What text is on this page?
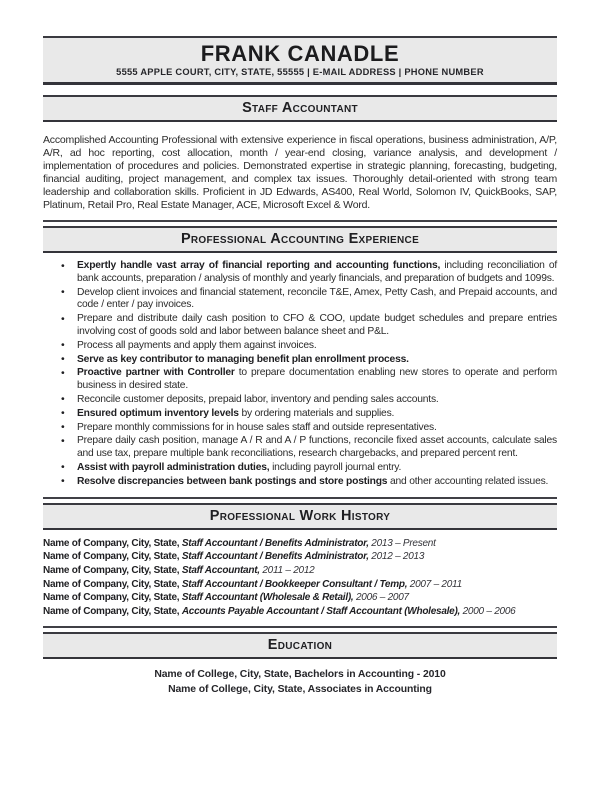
FRANK CANADLE
5555 APPLE COURT, CITY, STATE, 55555 | E-MAIL ADDRESS | PHONE NUMBER
Staff Accountant

Accomplished Accounting Professional with extensive experience in fiscal operations, business administration, A/P, A/R, ad hoc reporting, cost allocation, month / year-end closing, variance analysis, and development / implementation of procedures and policies. Demonstrated expertise in strategic planning, forecasting, budgeting, financial auditing, project management, and complex tax issues. Thoroughly detail-oriented with strong team leadership and collaboration skills. Proficient in JD Edwards, AS400, Real World, Solomon IV, QuickBooks, SAP, Platinum, Retail Pro, Real Estate Manager, ACE, Microsoft Excel & Word.

Professional Accounting Experience
• Expertly handle vast array of financial reporting and accounting functions, including reconciliation of bank accounts, preparation / analysis of monthly and yearly financials, and preparation of budgets and 1099s.
• Develop client invoices and financial statement, reconcile T&E, Amex, Petty Cash, and Prepaid accounts, and code / enter / pay invoices.
• Prepare and distribute daily cash position to CFO & COO, update budget schedules and prepare entries involving cost of goods sold and labor between balance sheet and P&L.
• Process all payments and apply them against invoices.
• Serve as key contributor to managing benefit plan enrollment process.
• Proactive partner with Controller to prepare documentation enabling new stores to operate and perform business in desired state.
• Reconcile customer deposits, prepaid labor, inventory and pending sales accounts.
• Ensured optimum inventory levels by ordering materials and supplies.
• Prepare monthly commissions for in house sales staff and outside representatives.
• Prepare daily cash position, manage A / R and A / P functions, reconcile fixed asset accounts, calculate sales and use tax, prepare multiple bank reconciliations, research chargebacks, and prepared percent rent.
• Assist with payroll administration duties, including payroll journal entry.
• Resolve discrepancies between bank postings and store postings and other accounting related issues.
Professional Work History

Name of Company, City, State, Staff Accountant / Benefits Administrator, 2013 – Present

Name of Company, City, State, Staff Accountant / Benefits Administrator, 2012 – 2013

Name of Company, City, State, Staff Accountant, 2011 – 2012

Name of Company, City, State, Staff Accountant / Bookkeeper Consultant / Temp, 2007 – 2011

Name of Company, City, State, Staff Accountant (Wholesale & Retail), 2006 – 2007

Name of Company, City, State, Accounts Payable Accountant / Staff Accountant (Wholesale), 2000 – 2006

Education

Name of College, City, State, Bachelors in Accounting - 2010

Name of College, City, State, Associates in Accounting
